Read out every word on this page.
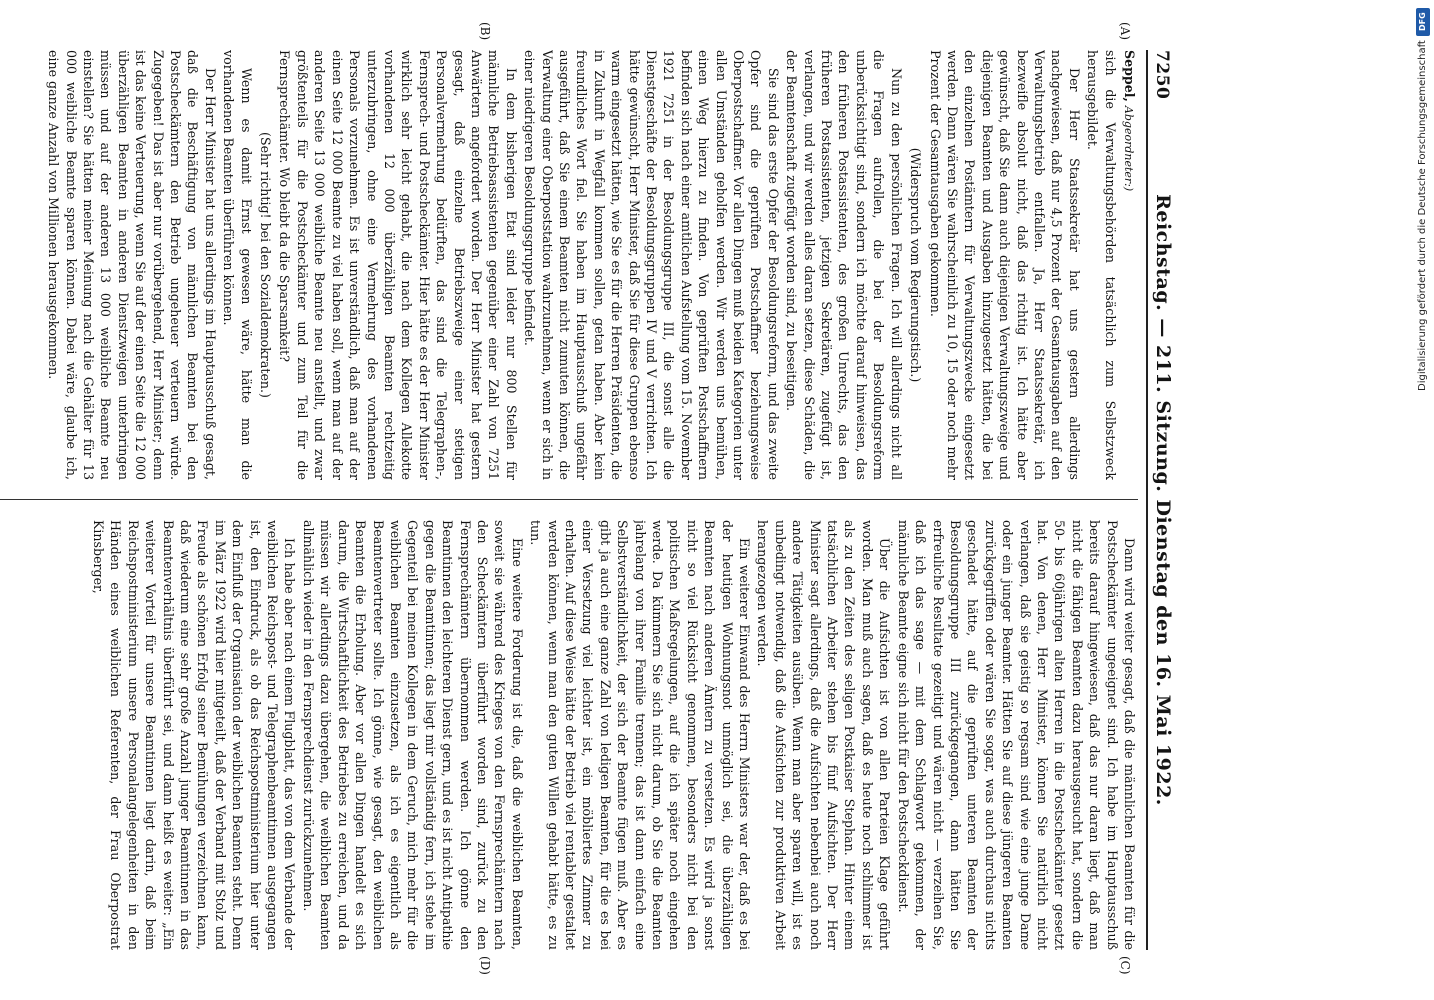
7250
Reichstag. — 211. Sitzung. Dienstag den 16. Mai 1922.
(A)
(B)
(C)
(D)

Seppel, Abgeordneter:)

sich die Verwaltungsbehörden tatsächlich zum Selbstzweck herausgebildet.

Der Herr Staatssekretär hat uns gestern allerdings nachgewiesen, daß nur 4,5 Prozent der Gesamtausgaben auf den Verwaltungsbetrieb entfallen. Ja, Herr Staatssekretär, ich bezweifle absolut nicht, daß das richtig ist. Ich hätte aber gewünscht, daß Sie dann auch diejenigen Verwaltungszweige und diejenigen Beamten und Ausgaben hinzugesetzt hätten, die bei den einzelnen Postämtern für Verwaltungszwecke eingesetzt werden. Dann wären Sie wahrscheinlich zu 10, 15 oder noch mehr Prozent der Gesamtausgaben gekommen.

(Widerspruch vom Regierungstisch.)

Nun zu den persönlichen Fragen. Ich will allerdings nicht all die Fragen aufrollen, die bei der Besoldungsreform unberücksichtigt sind, sondern ich möchte darauf hinweisen, das den früheren Postassistenten, des großen Unrechts, das den früheren Postassistenten, jetzigen Sekretären, zugefügt ist, verlangen, und wir werden alles daran setzen, diese Schäden, die der Beamtenschaft zugefügt worden sind, zu beseitigen.

Sie sind das erste Opfer der Besoldungsreform, und das zweite Opfer sind die geprüften Postschaffner beziehungsweise Oberpostschaffner. Vor allen Dingen muß beiden Kategorien unter allen Umständen geholfen werden. Wir werden uns bemühen, einen Weg hierzu zu finden. Von geprüften Postschaffnern befinden sich nach einer amtlichen Aufstellung vom 15. November 1921 7251 in der Besoldungsgruppe III, die sonst alle die Dienstgeschäfte der Besoldungsgruppen IV und V verrichten. Ich hätte gewünscht, Herr Minister, daß Sie für diese Gruppen ebenso warm eingesetzt hätten, wie Sie es für die Herren Präsidenten, die in Zukunft in Wegfall kommen sollen, getan haben. Aber kein freundliches Wort fiel. Sie haben im Hauptausschuß ungefähr ausgeführt, daß Sie einem Beamten nicht zumuten können, die Verwaltung einer Oberpoststation wahrzunehmen, wenn er sich in einer niedrigeren Besoldungsgruppe befindet.

In dem bisherigen Etat sind leider nur 800 Stellen für männliche Betriebsassistenten gegenüber einer Zahl von 7251 Anwärtern angefordert worden. Der Herr Minister hat gestern gesagt, daß einzelne Betriebszweige einer stetigen Personalvermehrung bedürften, das sind die Telegraphen-, Fernsprech- und Postscheckämter. Hier hätte es der Herr Minister wirklich sehr leicht gehabt, die nach dem Kollegen Allekotte vorhandenen 12 000 überzähligen Beamten rechtzeitig unterzubringen, ohne eine Vermehrung des vorhandenen Personals vorzunehmen. Es ist unverständlich, daß man auf der einen Seite 12 000 Beamte zu viel haben soll, wenn man auf der anderen Seite 13 000 weibliche Beamte neu anstellt, und zwar größtenteils für die Postscheckämter und zum Teil für die Fernsprechämter. Wo bleibt da die Sparsamkeit?

(Sehr richtig! bei den Sozialdemokraten.)

Wenn es damit Ernst gewesen wäre, hätte man die vorhandenen Beamten überführen können.

Der Herr Minister hat uns allerdings im Hauptausschuß gesagt, daß die Beschäftigung von männlichen Beamten bei den Postscheckämtern den Betrieb ungeheuer verteuern würde. Zugegeben! Das ist aber nur vorübergehend, Herr Minister; denn ist das keine Verteuerung, wenn Sie auf der einen Seite die 12 000 überzähligen Beamten in anderen Dienstzweigen unterbringen müssen und auf der anderen 13 000 weibliche Beamte neu einstellen? Sie hätten meiner Meinung nach die Gehälter für 13 000 weibliche Beamte sparen können. Dabei wäre, glaube ich, eine ganze Anzahl von Millionen herausgekommen.

Dann wird weiter gesagt, daß die männlichen Beamten für die Postscheckämter ungeeignet sind. Ich habe im Hauptausschuß bereits darauf hingewiesen, daß das nur daran liegt, daß man nicht die fähigen Beamten dazu herausgesucht hat, sondern die 50- bis 60jährigen alten Herren in die Postscheckämter gesetzt hat. Von denen, Herr Minister, können Sie natürlich nicht verlangen, daß sie geistig so regsam sind wie eine junge Dame oder ein junger Beamter. Hätten Sie auf diese jüngeren Beamten zurückgegriffen oder wären Sie sogar, was auch durchaus nichts geschadet hätte, auf die geprüften unteren Beamten der Besoldungsgruppe III zurückgegangen, dann hätten Sie erfreuliche Resultate gezeitigt und wären nicht — verzeihen Sie, daß ich das sage — mit dem Schlagwort gekommen, der männliche Beamte eigne sich nicht für den Postscheckdienst.

Über die Aufsichten ist von allen Parteien Klage geführt worden. Man muß auch sagen, daß es heute noch schlimmer ist als zu den Zeiten des seligen Postkaiser Stephan. Hinter einem tatsächlichen Arbeiter stehen bis fünf Aufsichten. Der Herr Minister sagt allerdings, daß die Aufsichten nebenbei auch noch andere Tätigkeiten ausüben. Wenn man aber sparen will, ist es unbedingt notwendig, daß die Aufsichten zur produktiven Arbeit herangezogen werden.

Ein weiterer Einwand des Herrn Ministers war der, daß es bei der heutigen Wohnungsnot unmöglich sei, die überzähligen Beamten nach anderen Ämtern zu versetzen. Es wird ja sonst nicht so viel Rücksicht genommen, besonders nicht bei den politischen Maßregelungen, auf die ich später noch eingehen werde. Da kümmern Sie sich nicht darum, ob Sie die Beamten jahrelang von ihrer Familie trennen; das ist dann einfach eine Selbstverständlichkeit, der sich der Beamte fügen muß. Aber es gibt ja auch eine ganze Zahl von ledigen Beamten, für die es bei einer Versetzung viel leichter ist, ein möbliertes Zimmer zu erhalten. Auf diese Weise hätte der Betrieb viel rentabler gestaltet werden können, wenn man den guten Willen gehabt hätte, es zu tun.

Eine weitere Forderung ist die, daß die weiblichen Beamten, soweit sie während des Krieges von den Fernsprechämtern nach den Scheckämtern überführt worden sind, zurück zu den Fernsprechämtern übernommen werden. Ich gönne den Beamtinnen den leichteren Dienst gern, und es ist nicht Antipathie gegen die Beamtinnen; das liegt mir vollständig fern, ich stehe im Gegenteil bei meinen Kollegen in dem Geruch, mich mehr für die weiblichen Beamten einzusetzen, als ich es eigentlich als Beamtenvertreter sollte. Ich gönne, wie gesagt, den weiblichen Beamten die Erholung. Aber vor allen Dingen handelt es sich darum, die Wirtschaftlichkeit des Betriebes zu erreichen, und da müssen wir allerdings dazu übergehen, die weiblichen Beamten allmählich wieder in den Fernsprechdienst zurückzunehmen.

Ich habe aber nach einem Flugblatt, das von dem Verbande der weiblichen Reichspost- und Telegraphenbeamtinnen ausgegangen ist, den Eindruck, als ob das Reichspostministerium hier unter dem Einfluß der Organisation der weiblichen Beamten steht. Denn im März 1922 wird hier mitgeteilt, daß der Verband mit Stolz und Freude als schönen Erfolg seiner Bemühungen verzeichnen kann, daß wiederum eine sehr große Anzahl junger Beamtinnen in das Beamtenverhältnis überführt sei, und dann heißt es weiter: „Ein weiterer Vorteil für unsere Beamtinnen liegt darin, daß beim Reichspostministerium unsere Personalangelegenheiten in den Händen eines weiblichen Referenten, der Frau Oberpostrat Kinsberger,

DFG
Digitalisierung gefördert durch die Deutsche Forschungsgemeinschaft
